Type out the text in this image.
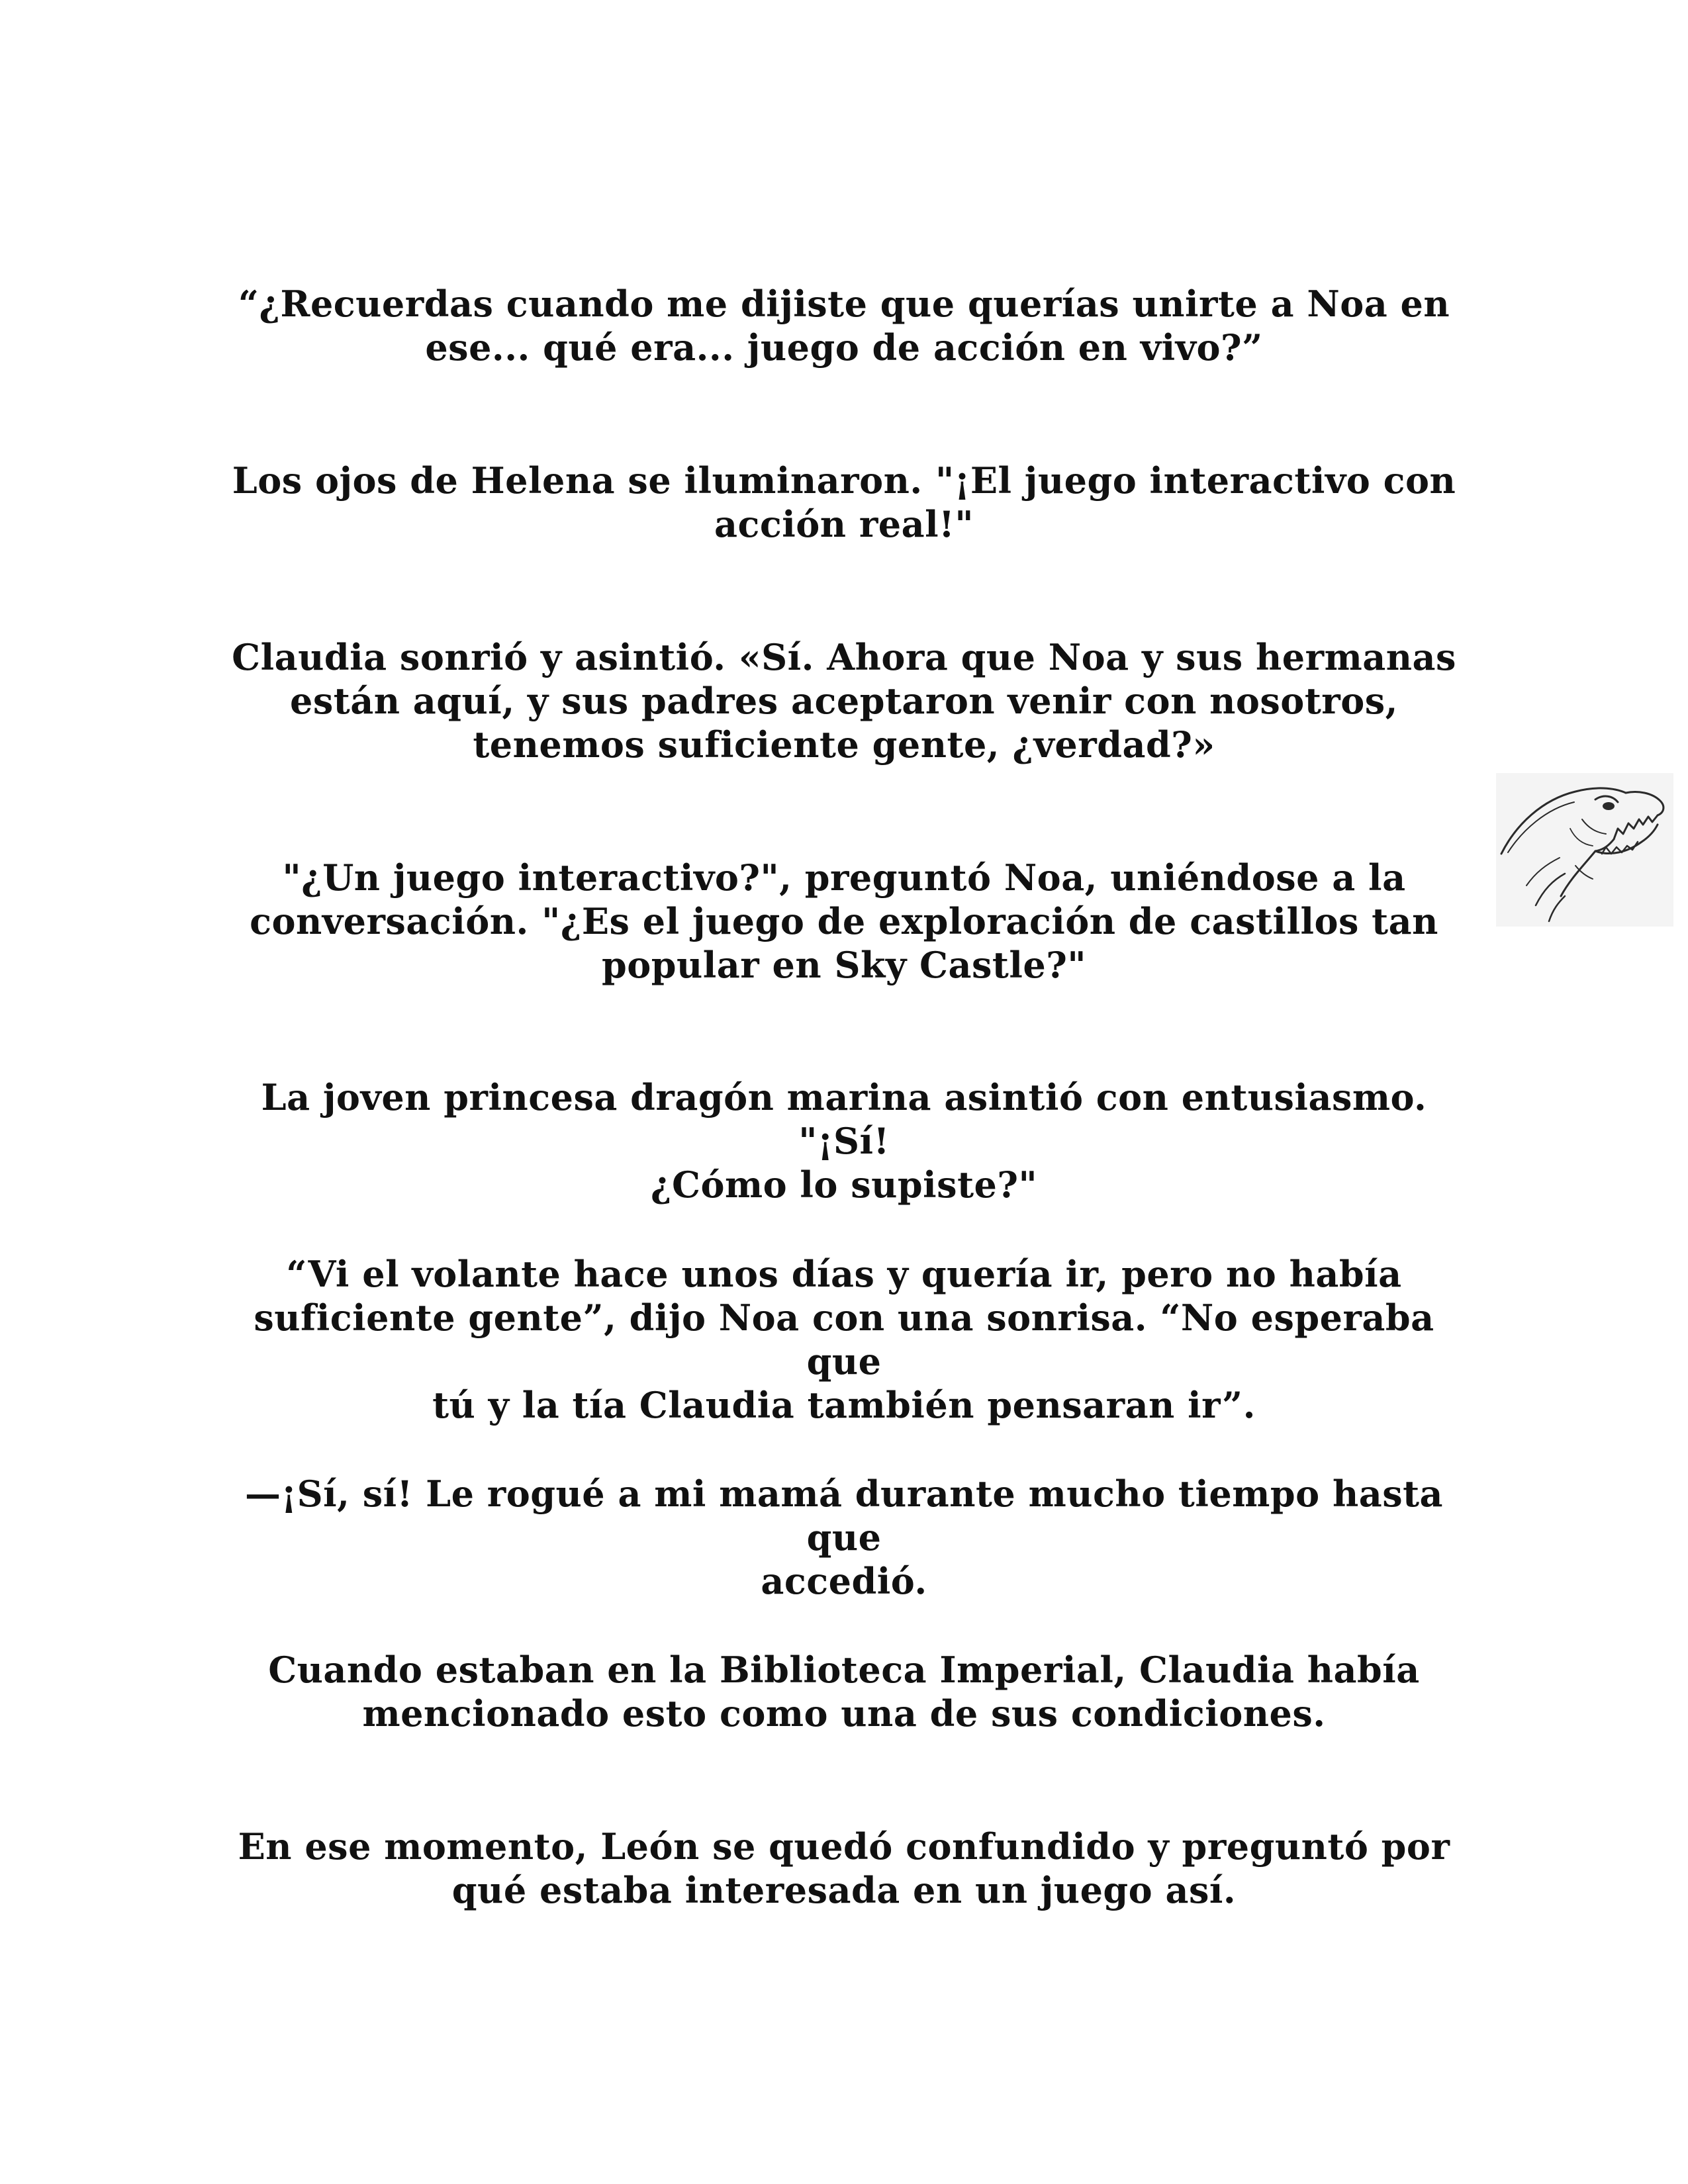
“¿Recuerdas cuando me dijiste que querías unirte a Noa en
ese... qué era... juego de acción en vivo?”

Los ojos de Helena se iluminaron. "¡El juego interactivo con
acción real!"

Claudia sonrió y asintió. «Sí. Ahora que Noa y sus hermanas
están aquí, y sus padres aceptaron venir con nosotros,
tenemos suficiente gente, ¿verdad?»

"¿Un juego interactivo?", preguntó Noa, uniéndose a la
conversación. "¿Es el juego de exploración de castillos tan
popular en Sky Castle?"

La joven princesa dragón marina asintió con entusiasmo. "¡Sí!
¿Cómo lo supiste?"

“Vi el volante hace unos días y quería ir, pero no había
suficiente gente”, dijo Noa con una sonrisa. “No esperaba que
tú y la tía Claudia también pensaran ir”.

—¡Sí, sí! Le rogué a mi mamá durante mucho tiempo hasta que
accedió.

Cuando estaban en la Biblioteca Imperial, Claudia había
mencionado esto como una de sus condiciones.

En ese momento, León se quedó confundido y preguntó por
qué estaba interesada en un juego así.
